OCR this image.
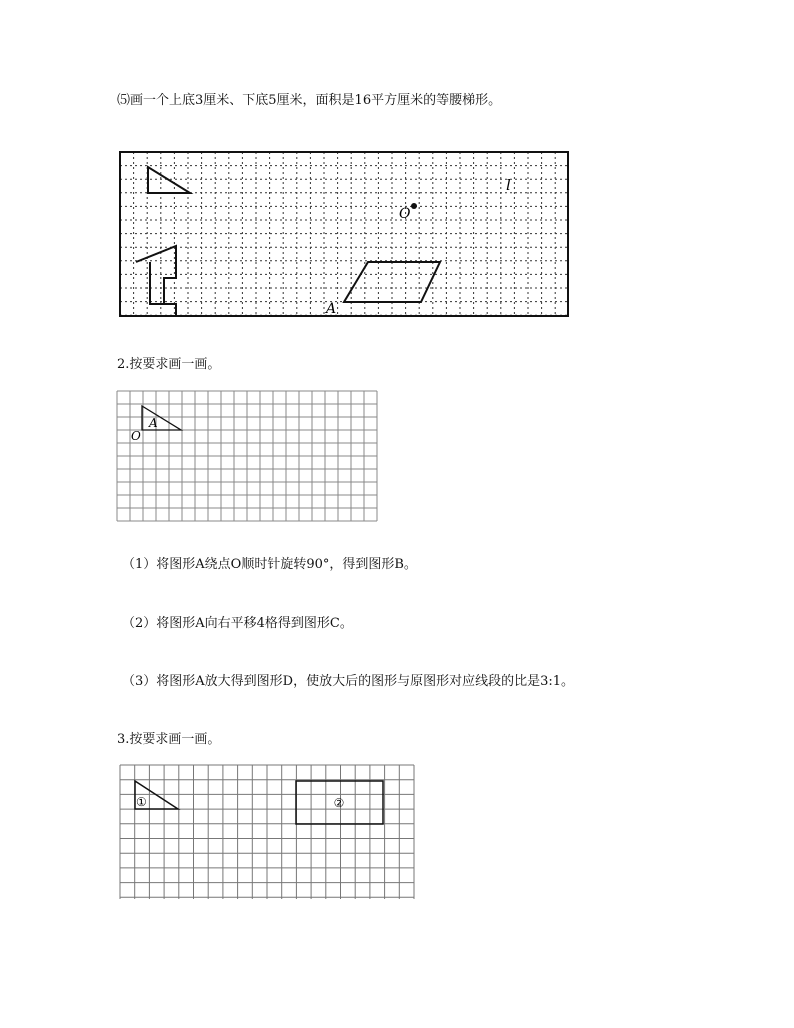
⑸画一个上底3厘米、下底5厘米，面积是16平方厘米的等腰梯形。
O
l
A
2.按要求画一画。
A
O
（1）将图形A绕点O顺时针旋转90°，得到图形B。
（2）将图形A向右平移4格得到图形C。
（3）将图形A放大得到图形D，使放大后的图形与原图形对应线段的比是3:1。
3.按要求画一画。
①	②
